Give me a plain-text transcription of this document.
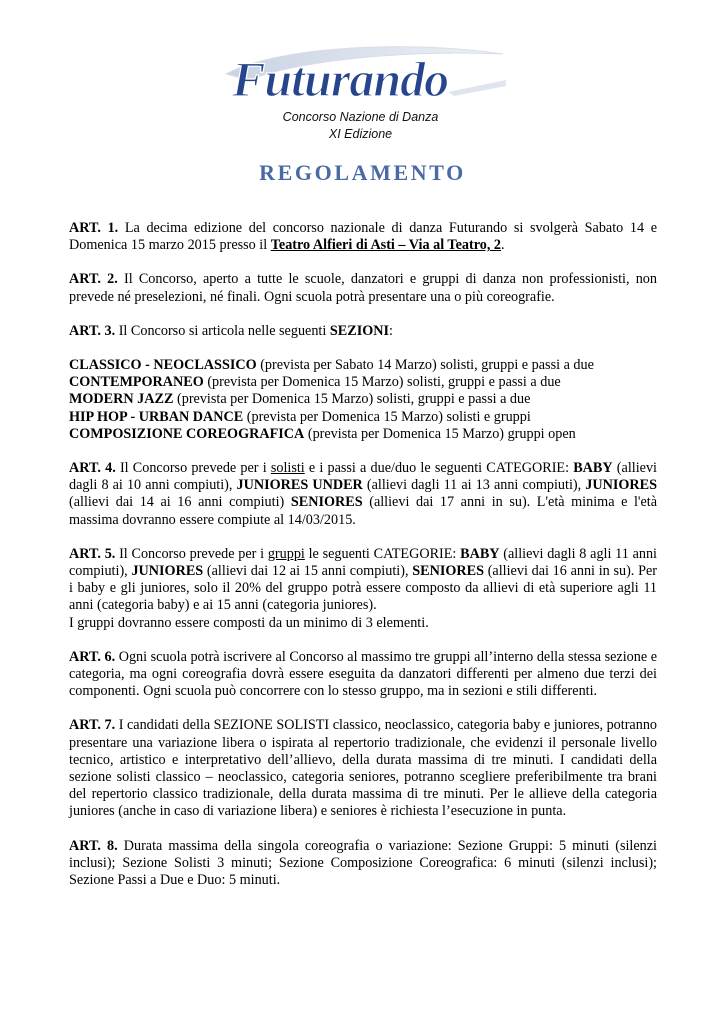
Futurando
Concorso Nazione di Danza
XI Edizione
REGOLAMENTO

ART. 1. La decima edizione del concorso nazionale di danza Futurando si svolgerà Sabato 14 e Domenica 15 marzo 2015 presso il Teatro Alfieri di Asti – Via al Teatro, 2.

ART. 2. Il Concorso, aperto a tutte le scuole, danzatori e gruppi di danza non professionisti, non prevede né preselezioni, né finali. Ogni scuola potrà presentare una o più coreografie.

ART. 3. Il Concorso si articola nelle seguenti SEZIONI:

CLASSICO - NEOCLASSICO (prevista per Sabato 14 Marzo) solisti, gruppi e passi a due

CONTEMPORANEO (prevista per Domenica 15 Marzo) solisti, gruppi e passi a due

MODERN JAZZ (prevista per Domenica 15 Marzo) solisti, gruppi e passi a due

HIP HOP - URBAN DANCE (prevista per Domenica 15 Marzo) solisti e gruppi

COMPOSIZIONE COREOGRAFICA (prevista per Domenica 15 Marzo) gruppi open

ART. 4. Il Concorso prevede per i solisti e i passi a due/duo le seguenti CATEGORIE: BABY (allievi dagli 8 ai 10 anni compiuti), JUNIORES UNDER (allievi dagli 11 ai 13 anni compiuti), JUNIORES (allievi dai 14 ai 16 anni compiuti) SENIORES (allievi dai 17 anni in su). L'età minima e l'età massima dovranno essere compiute al 14/03/2015.

ART. 5. Il Concorso prevede per i gruppi le seguenti CATEGORIE: BABY (allievi dagli 8 agli 11 anni compiuti), JUNIORES (allievi dai 12 ai 15 anni compiuti), SENIORES (allievi dai 16 anni in su). Per i baby e gli juniores, solo il 20% del gruppo potrà essere composto da allievi di età superiore agli 11 anni (categoria baby) e ai 15 anni (categoria juniores).
I gruppi dovranno essere composti da un minimo di 3 elementi.

ART. 6. Ogni scuola potrà iscrivere al Concorso al massimo tre gruppi all’interno della stessa sezione e categoria, ma ogni coreografia dovrà essere eseguita da danzatori differenti per almeno due terzi dei componenti. Ogni scuola può concorrere con lo stesso gruppo, ma in sezioni e stili differenti.

ART. 7. I candidati della SEZIONE SOLISTI classico, neoclassico, categoria baby e juniores, potranno presentare una variazione libera o ispirata al repertorio tradizionale, che evidenzi il personale livello tecnico, artistico e interpretativo dell’allievo, della durata massima di tre minuti. I candidati della sezione solisti classico – neoclassico, categoria seniores, potranno scegliere preferibilmente tra brani del repertorio classico tradizionale, della durata massima di tre minuti. Per le allieve della categoria juniores (anche in caso di variazione libera) e seniores è richiesta l’esecuzione in punta.

ART. 8. Durata massima della singola coreografia o variazione: Sezione Gruppi: 5 minuti (silenzi inclusi); Sezione Solisti 3 minuti; Sezione Composizione Coreografica: 6 minuti (silenzi inclusi); Sezione Passi a Due e Duo: 5 minuti.
